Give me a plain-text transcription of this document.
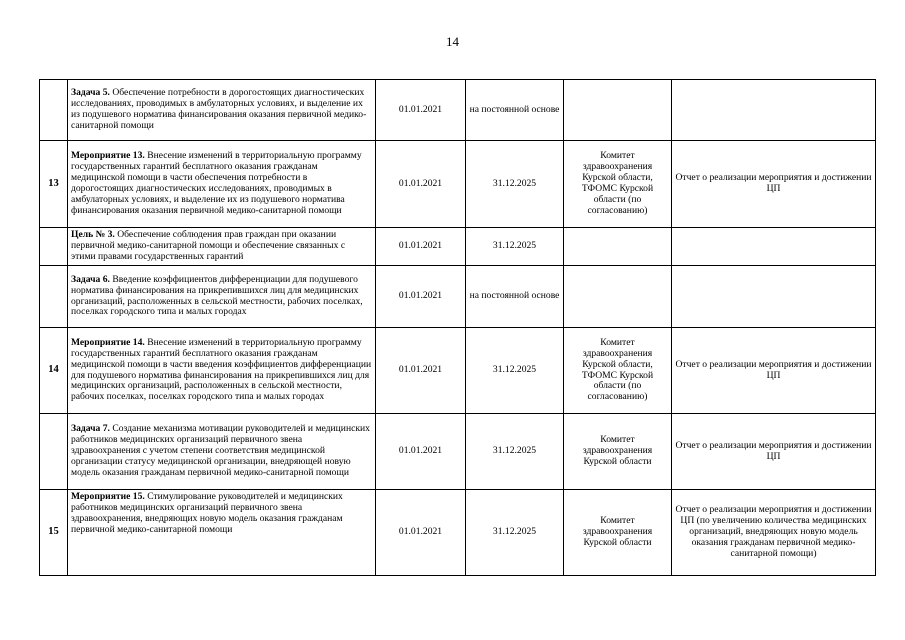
14
	Задача 5. Обеспечение потребности в дорогостоящих диагностических исследованиях, проводимых в амбулаторных условиях, и выделение их из подушевого норматива финансирования оказания первичной медико-санитарной помощи	01.01.2021	на постоянной основе		
13	Мероприятие 13. Внесение изменений в территориальную программу государственных гарантий бесплатного оказания гражданам медицинской помощи в части обеспечения потребности в дорогостоящих диагностических исследованиях, проводимых в амбулаторных условиях, и выделение их из подушевого норматива финансирования оказания первичной медико-санитарной помощи	01.01.2021	31.12.2025	Комитет здравоохранения Курской области, ТФОМС Курской области (по согласованию)	Отчет о реализации мероприятия и достижении ЦП
	Цель № 3. Обеспечение соблюдения прав граждан при оказании первичной медико-санитарной помощи и обеспечение связанных с этими правами государственных гарантий	01.01.2021	31.12.2025		
	Задача 6. Введение коэффициентов дифференциации для подушевого норматива финансирования на прикрепившихся лиц для медицинских организаций, расположенных в сельской местности, рабочих поселках, поселках городского типа и малых городах	01.01.2021	на постоянной основе		
14	Мероприятие 14. Внесение изменений в территориальную программу государственных гарантий бесплатного оказания гражданам медицинской помощи в части введения коэффициентов дифференциации для подушевого норматива финансирования на прикрепившихся лиц для медицинских организаций, расположенных в сельской местности, рабочих поселках, поселках городского типа и малых городах	01.01.2021	31.12.2025	Комитет здравоохранения Курской области, ТФОМС Курской области (по согласованию)	Отчет о реализации мероприятия и достижении ЦП
	Задача 7. Создание механизма мотивации руководителей и медицинских работников медицинских организаций первичного звена здравоохранения с учетом степени соответствия медицинской организации статусу медицинской организации, внедряющей новую модель оказания гражданам первичной медико-санитарной помощи	01.01.2021	31.12.2025	Комитет здравоохранения Курской области	Отчет о реализации мероприятия и достижении ЦП
15	Мероприятие 15. Стимулирование руководителей и медицинских работников медицинских организаций первичного звена здравоохранения, внедряющих новую модель оказания гражданам первичной медико-санитарной помощи	01.01.2021	31.12.2025	Комитет здравоохранения Курской области	Отчет о реализации мероприятия и достижении ЦП (по увеличению количества медицинских организаций, внедряющих новую модель оказания гражданам первичной медико-санитарной помощи)
